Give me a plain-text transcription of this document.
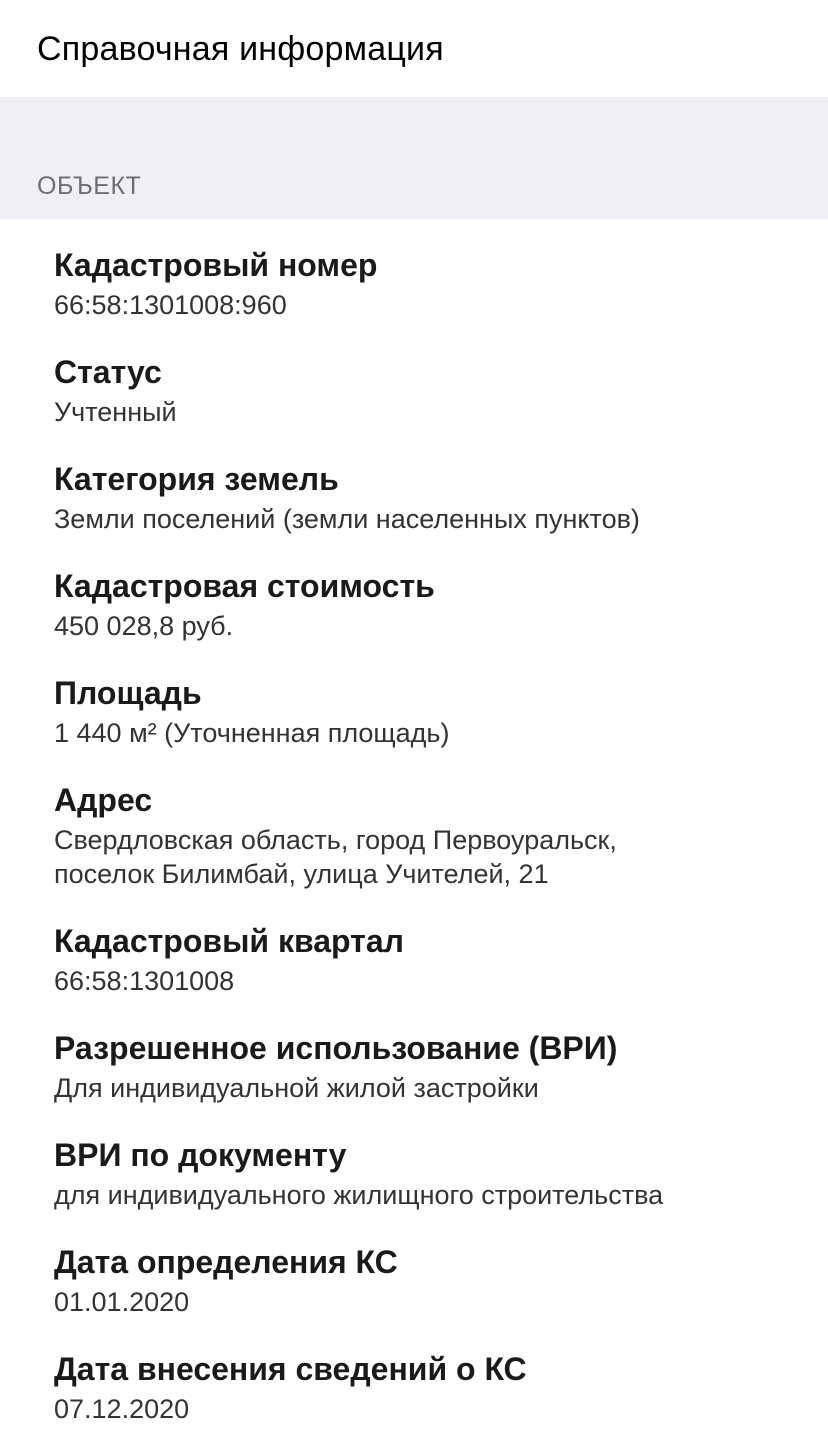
Справочная информация
ОБЪЕКТ
Кадастровый номер
66:58:1301008:960
Статус
Учтенный
Категория земель
Земли поселений (земли населенных пунктов)
Кадастровая стоимость
450 028,8 руб.
Площадь
1 440 м² (Уточненная площадь)
Адрес
Свердловская область, город Первоуральск,
поселок Билимбай, улица Учителей, 21
Кадастровый квартал
66:58:1301008
Разрешенное использование (ВРИ)
Для индивидуальной жилой застройки
ВРИ по документу
для индивидуального жилищного строительства
Дата определения КС
01.01.2020
Дата внесения сведений о КС
07.12.2020
